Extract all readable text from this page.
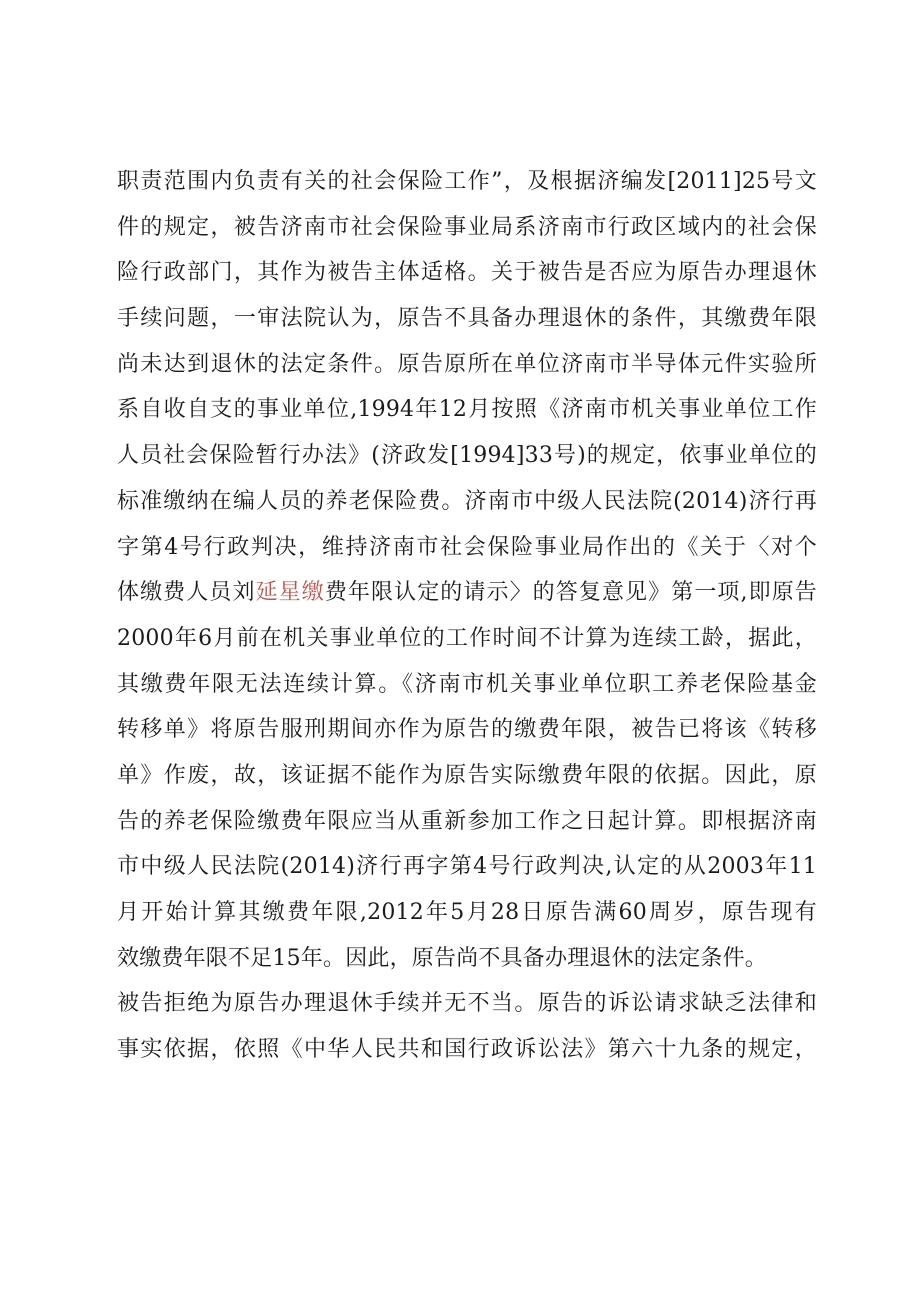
职责范围内负责有关的社会保险工作”，及根据济编发[2011]25号文
件的规定，被告济南市社会保险事业局系济南市行政区域内的社会保
险行政部门，其作为被告主体适格。关于被告是否应为原告办理退休
手续问题，一审法院认为，原告不具备办理退休的条件，其缴费年限
尚未达到退休的法定条件。原告原所在单位济南市半导体元件实验所
系自收自支的事业单位,1994年12月按照《济南市机关事业单位工作
人员社会保险暂行办法》(济政发[1994]33号)的规定，依事业单位的
标准缴纳在编人员的养老保险费。济南市中级人民法院(2014)济行再
字第4号行政判决，维持济南市社会保险事业局作出的《关于〈对个
体缴费人员刘延星缴费年限认定的请示〉的答复意见》第一项,即原告
2000年6月前在机关事业单位的工作时间不计算为连续工龄，据此，
其缴费年限无法连续计算。《济南市机关事业单位职工养老保险基金
转移单》将原告服刑期间亦作为原告的缴费年限，被告已将该《转移
单》作废，故，该证据不能作为原告实际缴费年限的依据。因此，原
告的养老保险缴费年限应当从重新参加工作之日起计算。即根据济南
市中级人民法院(2014)济行再字第4号行政判决,认定的从2003年11
月开始计算其缴费年限,2012年5月28日原告满60周岁，原告现有
效缴费年限不足15年。因此，原告尚不具备办理退休的法定条件。
被告拒绝为原告办理退休手续并无不当。原告的诉讼请求缺乏法律和
事实依据，依照《中华人民共和国行政诉讼法》第六十九条的规定，
